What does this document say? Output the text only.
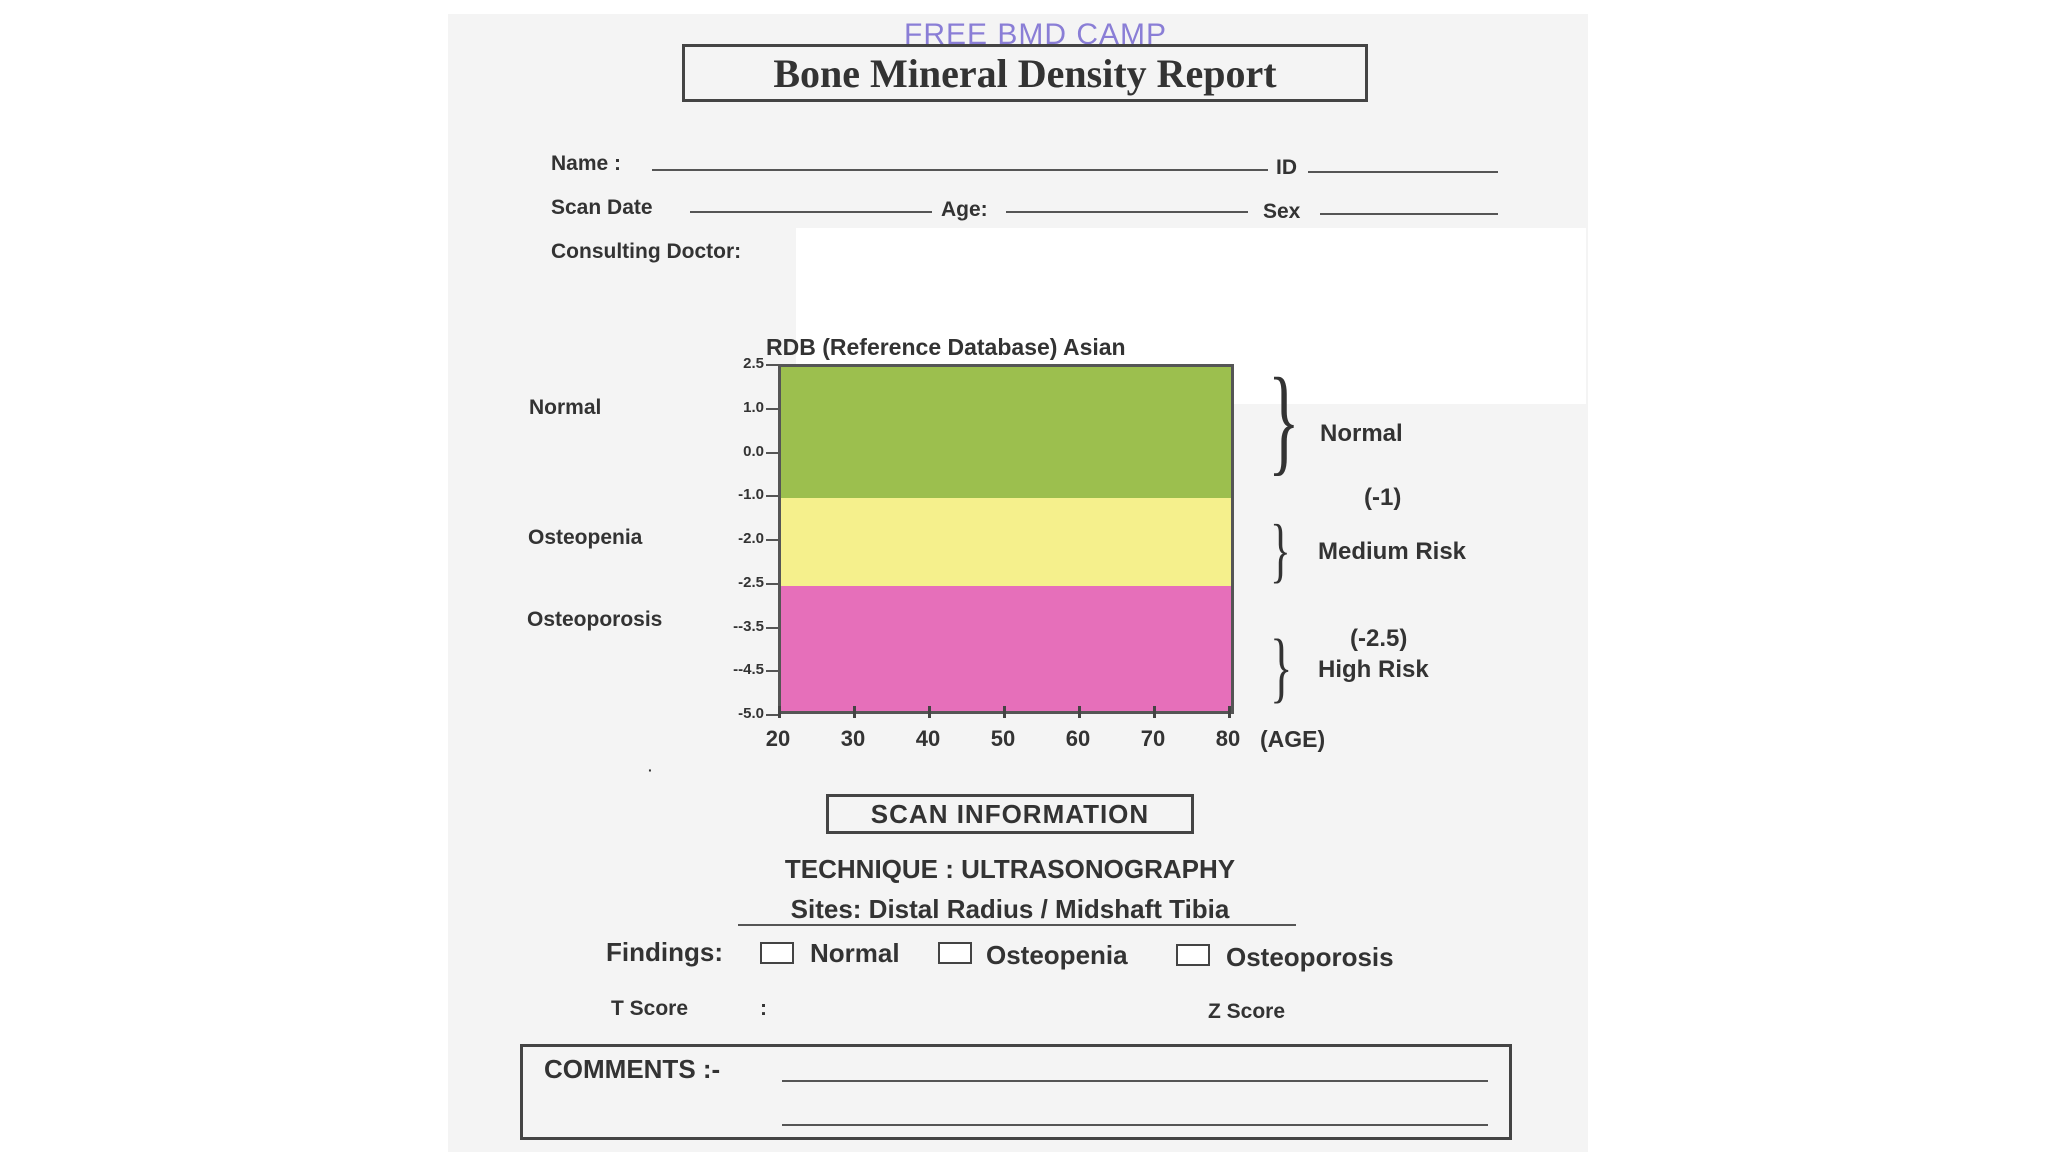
FREE BMD CAMP
Bone Mineral Density Report
Name :	ID
Scan Date	Age:	Sex
Consulting Doctor:
RDB (Reference Database) Asian
Normal
Osteopenia
Osteoporosis
2.5
1.0
0.0
-1.0
-2.0
-2.5
--3.5
--4.5
-5.0
20	30	40	50	60	70	80 (AGE)
} Normal
(-1)
} Medium Risk
(-2.5)
} High Risk
·
SCAN INFORMATION
TECHNIQUE : ULTRASONOGRAPHY
Sites: Distal Radius / Midshaft Tibia
Findings:	Normal	Osteopenia	Osteoporosis
T Score	:	Z Score
COMMENTS :-
